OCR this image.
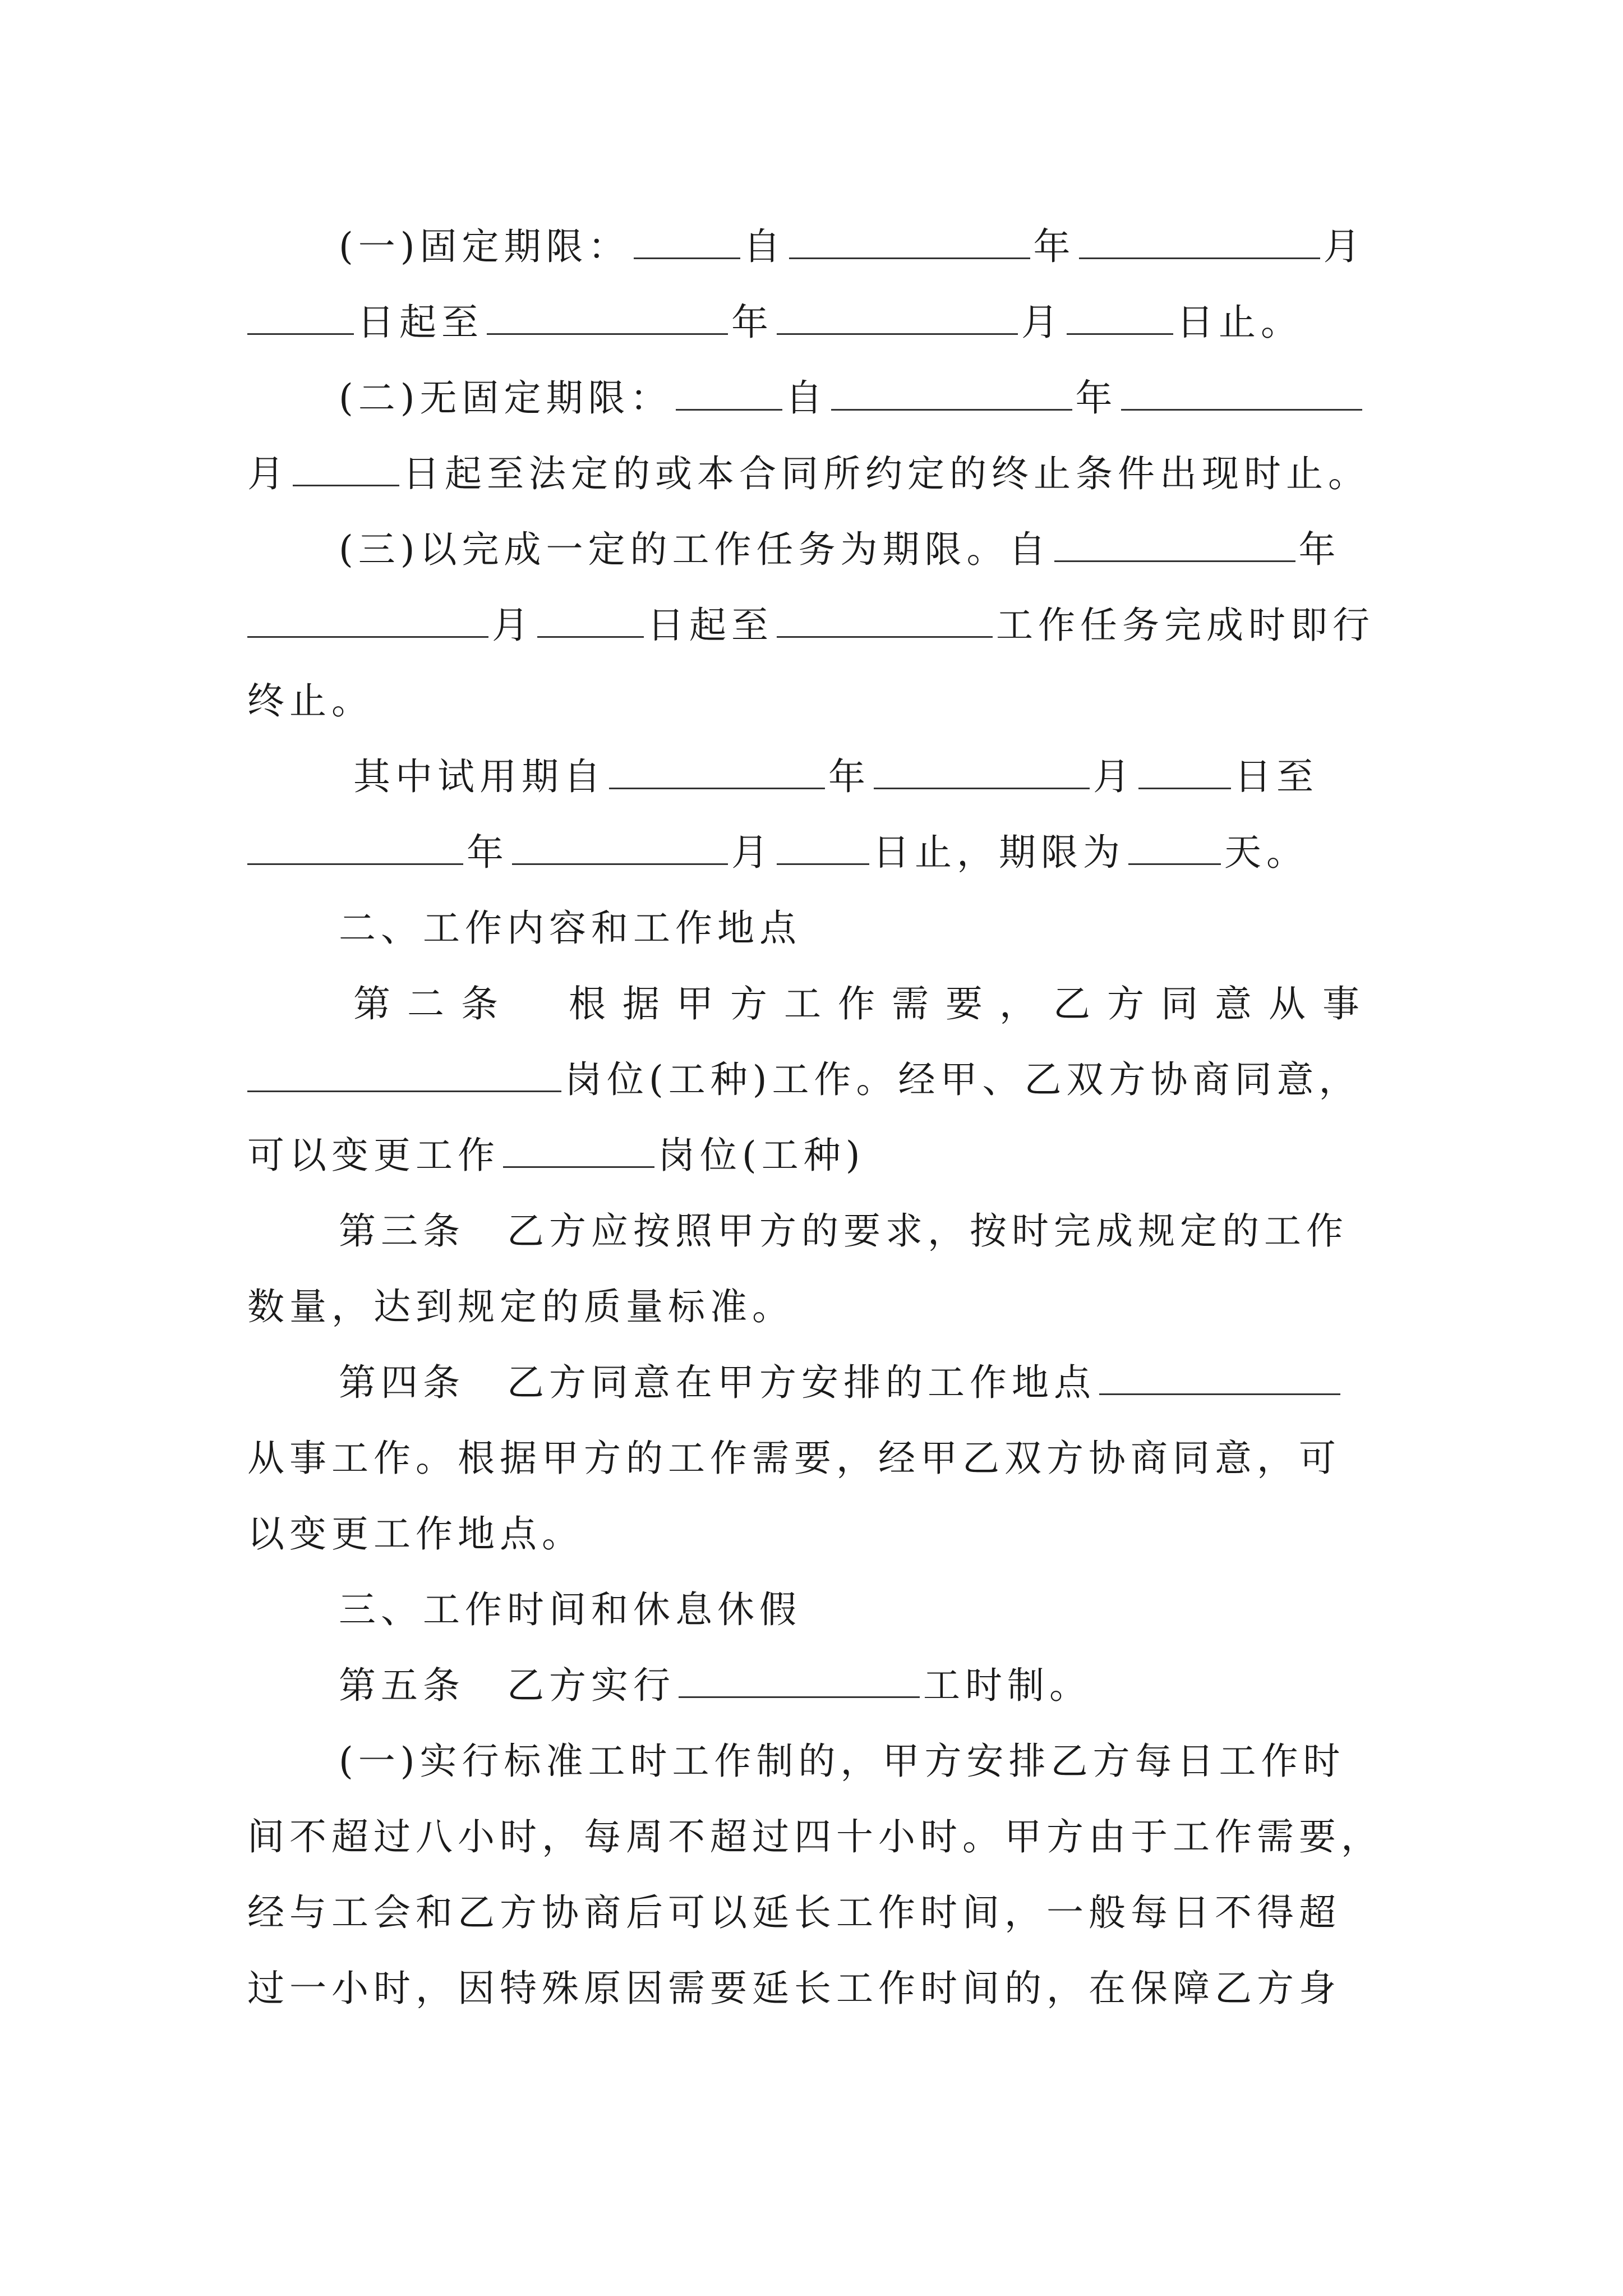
(一)固定期限：	自	年	月
日起至	年	月	日止。
(二)无固定期限：	自	年
月	日起至法定的或本合同所约定的终止条件出现时止。
(三)以完成一定的工作任务为期限。自	年
月	日起至	工作任务完成时即行
终止。
其中试用期自	年	月	日至
年	月	日止，期限为	天。
二、工作内容和工作地点
第二条　根据甲方工作需要，乙方同意从事
岗位(工种)工作。经甲、乙双方协商同意，
可以变更工作	岗位(工种)
第三条　乙方应按照甲方的要求，按时完成规定的工作
数量，达到规定的质量标准。
第四条　乙方同意在甲方安排的工作地点
从事工作。根据甲方的工作需要，经甲乙双方协商同意，可
以变更工作地点。
三、工作时间和休息休假
第五条　乙方实行	工时制。
(一)实行标准工时工作制的，甲方安排乙方每日工作时
间不超过八小时，每周不超过四十小时。甲方由于工作需要，
经与工会和乙方协商后可以延长工作时间，一般每日不得超
过一小时，因特殊原因需要延长工作时间的，在保障乙方身
